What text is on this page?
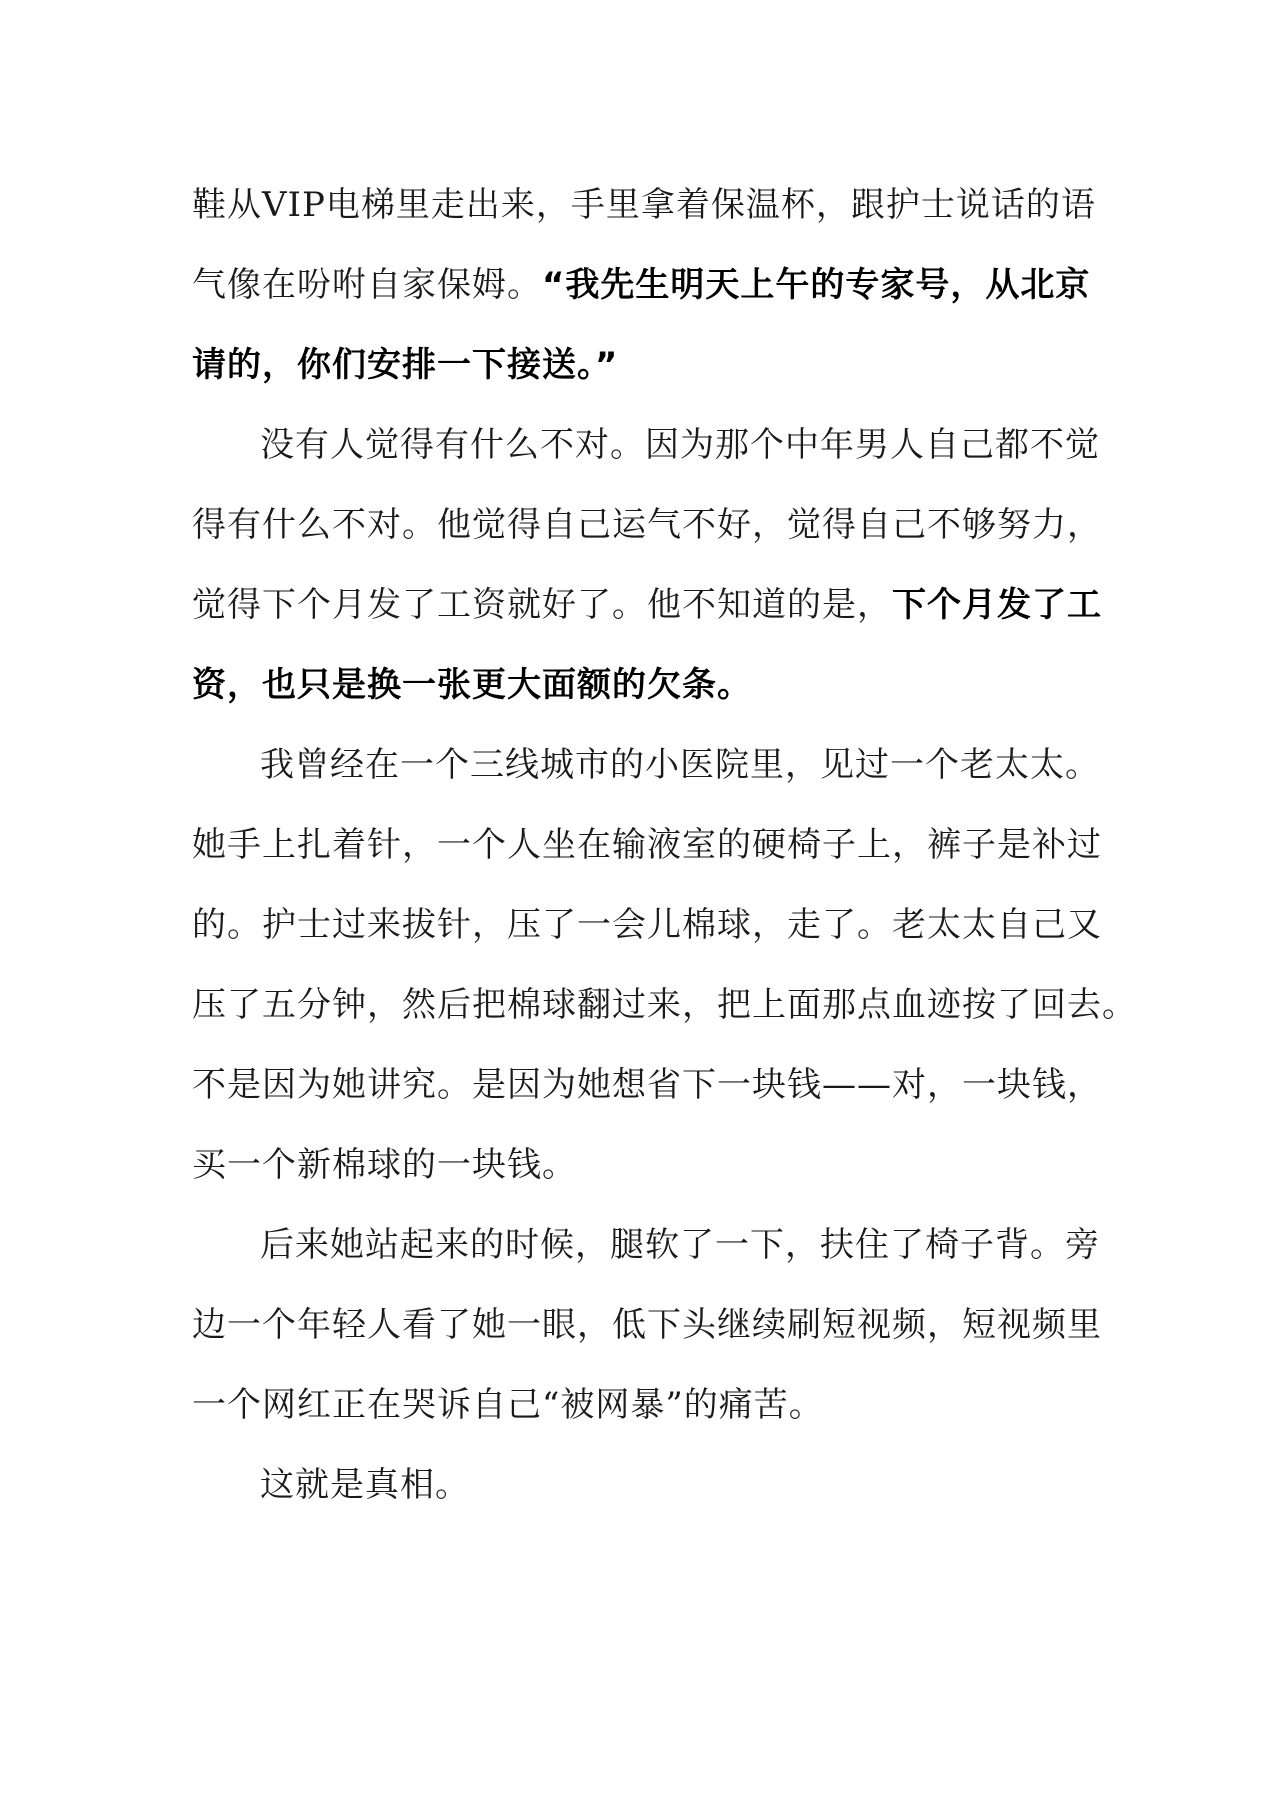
鞋从VIP电梯里走出来，手里拿着保温杯，跟护士说话的语
气像在吩咐自家保姆。“我先生明天上午的专家号，从北京
请的，你们安排一下接送。”

没有人觉得有什么不对。因为那个中年男人自己都不觉
得有什么不对。他觉得自己运气不好，觉得自己不够努力，
觉得下个月发了工资就好了。他不知道的是，下个月发了工
资，也只是换一张更大面额的欠条。

我曾经在一个三线城市的小医院里，见过一个老太太。
她手上扎着针，一个人坐在输液室的硬椅子上，裤子是补过
的。护士过来拔针，压了一会儿棉球，走了。老太太自己又
压了五分钟，然后把棉球翻过来，把上面那点血迹按了回去。
不是因为她讲究。是因为她想省下一块钱——对，一块钱，
买一个新棉球的一块钱。

后来她站起来的时候，腿软了一下，扶住了椅子背。旁
边一个年轻人看了她一眼，低下头继续刷短视频，短视频里
一个网红正在哭诉自己“被网暴”的痛苦。

这就是真相。
